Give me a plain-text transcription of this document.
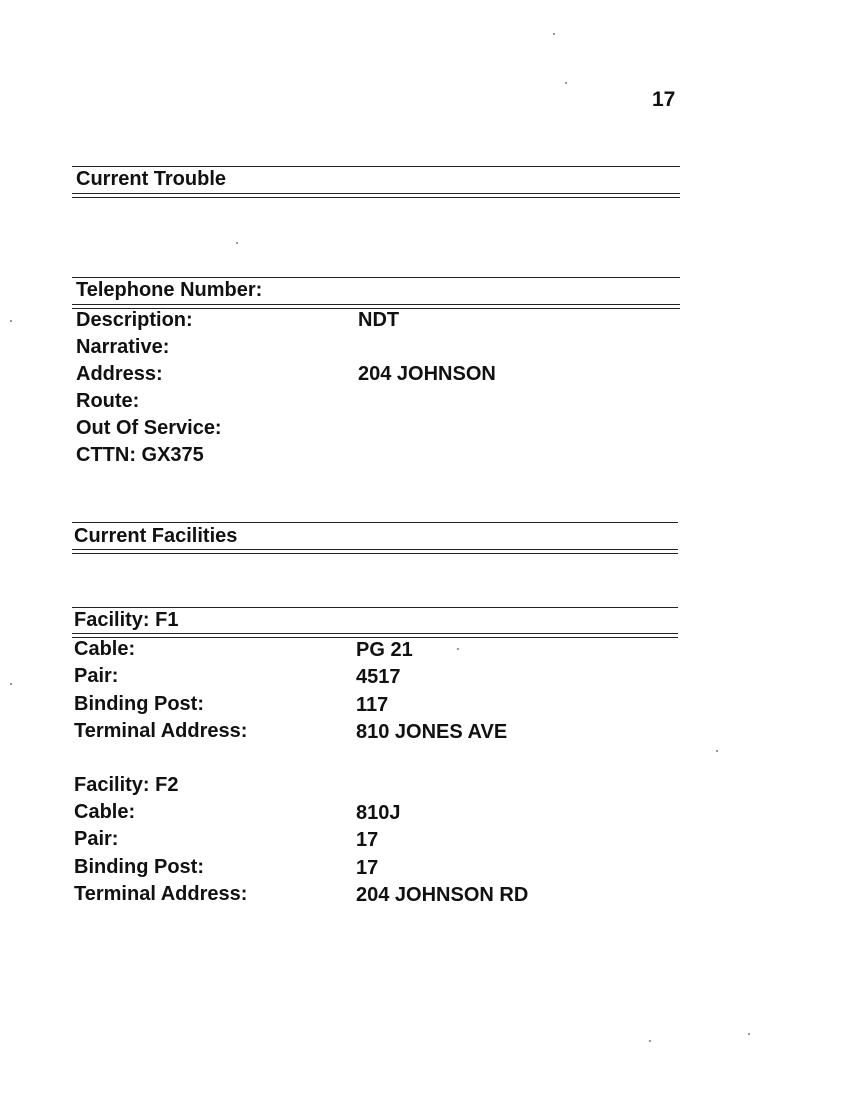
17
Current Trouble
Telephone Number:
Description:	NDT
Narrative:
Address:	204 JOHNSON
Route:
Out Of Service:
CTTN: GX375
Current Facilities
Facility: F1
Cable:	PG 21
Pair:	4517
Binding Post:	117
Terminal Address:	810 JONES AVE
Facility: F2
Cable:	810J
Pair:	17
Binding Post:	17
Terminal Address:	204 JOHNSON RD
